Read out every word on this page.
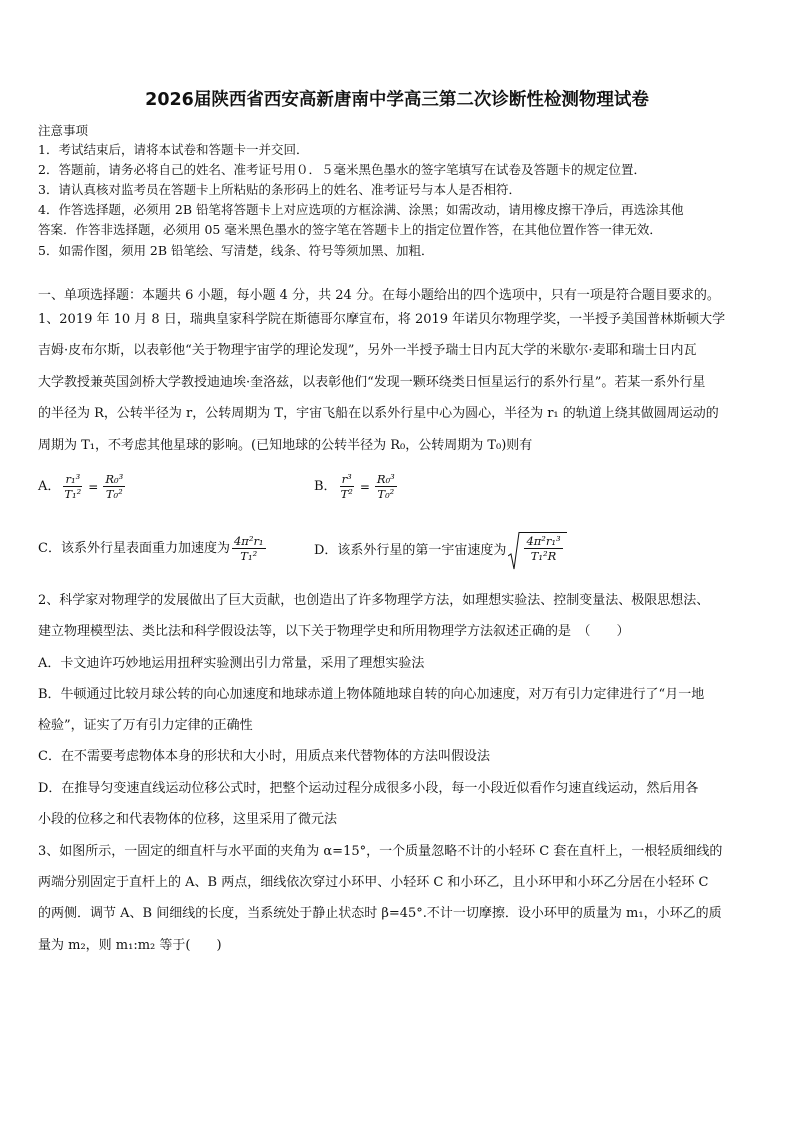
2026届陕西省西安高新唐南中学高三第二次诊断性检测物理试卷
注意事项
1．考试结束后，请将本试卷和答题卡一并交回．
2．答题前，请务必将自己的姓名、准考证号用０．５毫米黑色墨水的签字笔填写在试卷及答题卡的规定位置．
3．请认真核对监考员在答题卡上所粘贴的条形码上的姓名、准考证号与本人是否相符．
4．作答选择题，必须用 2B 铅笔将答题卡上对应选项的方框涂满、涂黑；如需改动，请用橡皮擦干净后，再选涂其他
答案．作答非选择题，必须用 05 毫米黑色墨水的签字笔在答题卡上的指定位置作答，在其他位置作答一律无效．
5．如需作图，须用 2B 铅笔绘、写清楚，线条、符号等须加黑、加粗．
一、单项选择题：本题共 6 小题，每小题 4 分，共 24 分。在每小题给出的四个选项中，只有一项是符合题目要求的。
1、2019 年 10 月 8 日，瑞典皇家科学院在斯德哥尔摩宣布，将 2019 年诺贝尔物理学奖，一半授予美国普林斯顿大学
吉姆·皮布尔斯，以表彰他“关于物理宇宙学的理论发现”，另外一半授予瑞士日内瓦大学的米歇尔·麦耶和瑞士日内瓦
大学教授兼英国剑桥大学教授迪迪埃·奎洛兹，以表彰他们“发现一颗环绕类日恒星运行的系外行星”。若某一系外行星
的半径为 R，公转半径为 r，公转周期为 T，宇宙飞船在以系外行星中心为圆心，半径为 r₁ 的轨道上绕其做圆周运动的
周期为 T₁，不考虑其他星球的影响。(已知地球的公转半径为 R₀，公转周期为 T₀)则有
A． $\frac{\text{r₁³}}{\text{T₁²}} = \frac{\text{R₀³}}{\text{T₀²}}$	B． $\frac{\text{r³}}{\text{T²}} = \frac{\text{R₀³}}{\text{T₀²}}$
C．该系外行星表面重力加速度为 $\frac{\text{4π²r₁}}{\text{T₁²}}$	D．该系外行星的第一宇宙速度为 $\frac{\text{4π²r₁³}}{\text{T₁²R}}$
2、科学家对物理学的发展做出了巨大贡献，也创造出了许多物理学方法，如理想实验法、控制变量法、极限思想法、
建立物理模型法、类比法和科学假设法等，以下关于物理学史和所用物理学方法叙述正确的是　（　　）
A．卡文迪许巧妙地运用扭秤实验测出引力常量，采用了理想实验法
B．牛顿通过比较月球公转的向心加速度和地球赤道上物体随地球自转的向心加速度，对万有引力定律进行了“月一地
检验”，证实了万有引力定律的正确性
C．在不需要考虑物体本身的形状和大小时，用质点来代替物体的方法叫假设法
D．在推导匀变速直线运动位移公式时，把整个运动过程分成很多小段，每一小段近似看作匀速直线运动，然后用各
小段的位移之和代表物体的位移，这里采用了微元法
3、如图所示，一固定的细直杆与水平面的夹角为 α=15°，一个质量忽略不计的小轻环 C 套在直杆上，一根轻质细线的
两端分别固定于直杆上的 A、B 两点，细线依次穿过小环甲、小轻环 C 和小环乙，且小环甲和小环乙分居在小轻环 C
的两侧．调节 A、B 间细线的长度，当系统处于静止状态时 β=45°.不计一切摩擦．设小环甲的质量为 m₁，小环乙的质
量为 m₂，则 m₁:m₂ 等于(　　)
